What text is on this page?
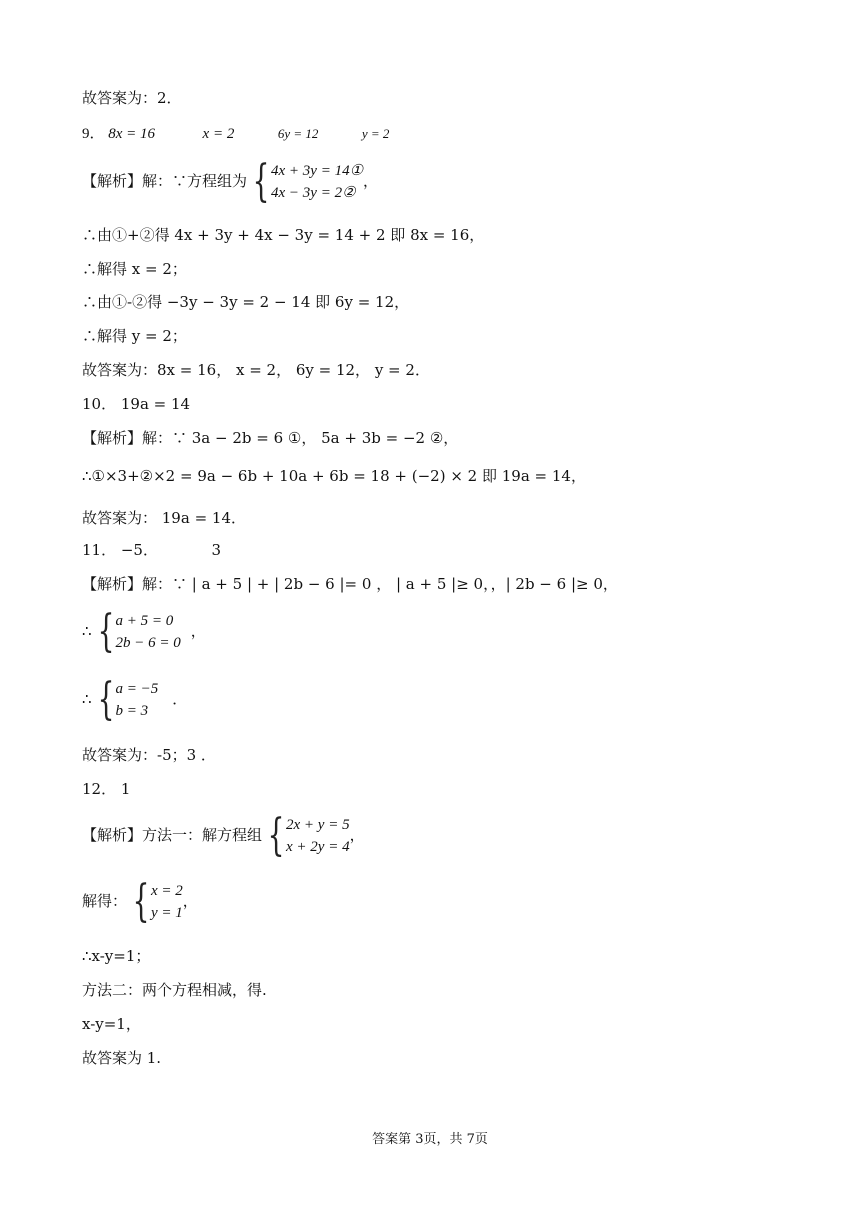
故答案为：2．
9． 8x = 16	x = 2	6y = 12	y = 2
【解析】解：∵方程组为 { 4x + 3y = 14①
4x − 3y = 2②
，
∴由①+②得 4x + 3y + 4x − 3y = 14 + 2 即 8x = 16，
∴解得 x = 2；
∴由①-②得 −3y − 3y = 2 − 14 即 6y = 12，
∴解得 y = 2；
故答案为：8x = 16， x = 2， 6y = 12， y = 2．
10． 19a = 14
【解析】解：∵ 3a − 2b = 6 ①， 5a + 3b = −2 ②，
∴①×3+②×2 = 9a − 6b + 10a + 6b = 18 + (−2) × 2 即 19a = 14，
故答案为： 19a = 14．
11． −5．	3
【解析】解：∵ | a + 5 | + | 2b − 6 |= 0 ， | a + 5 |≥ 0，，| 2b − 6 |≥ 0，
∴ { a + 5 = 0
2b − 6 = 0
，
∴ { a = −5
b = 3
．
故答案为：-5；3 ．
12． 1
【解析】方法一：解方程组 { 2x + y = 5
x + 2y = 4
，
解得： { x = 2
y = 1
，
∴x-y=1；
方法二：两个方程相减，得.
x-y=1，
故答案为 1.
答案第 3页，共 7页
